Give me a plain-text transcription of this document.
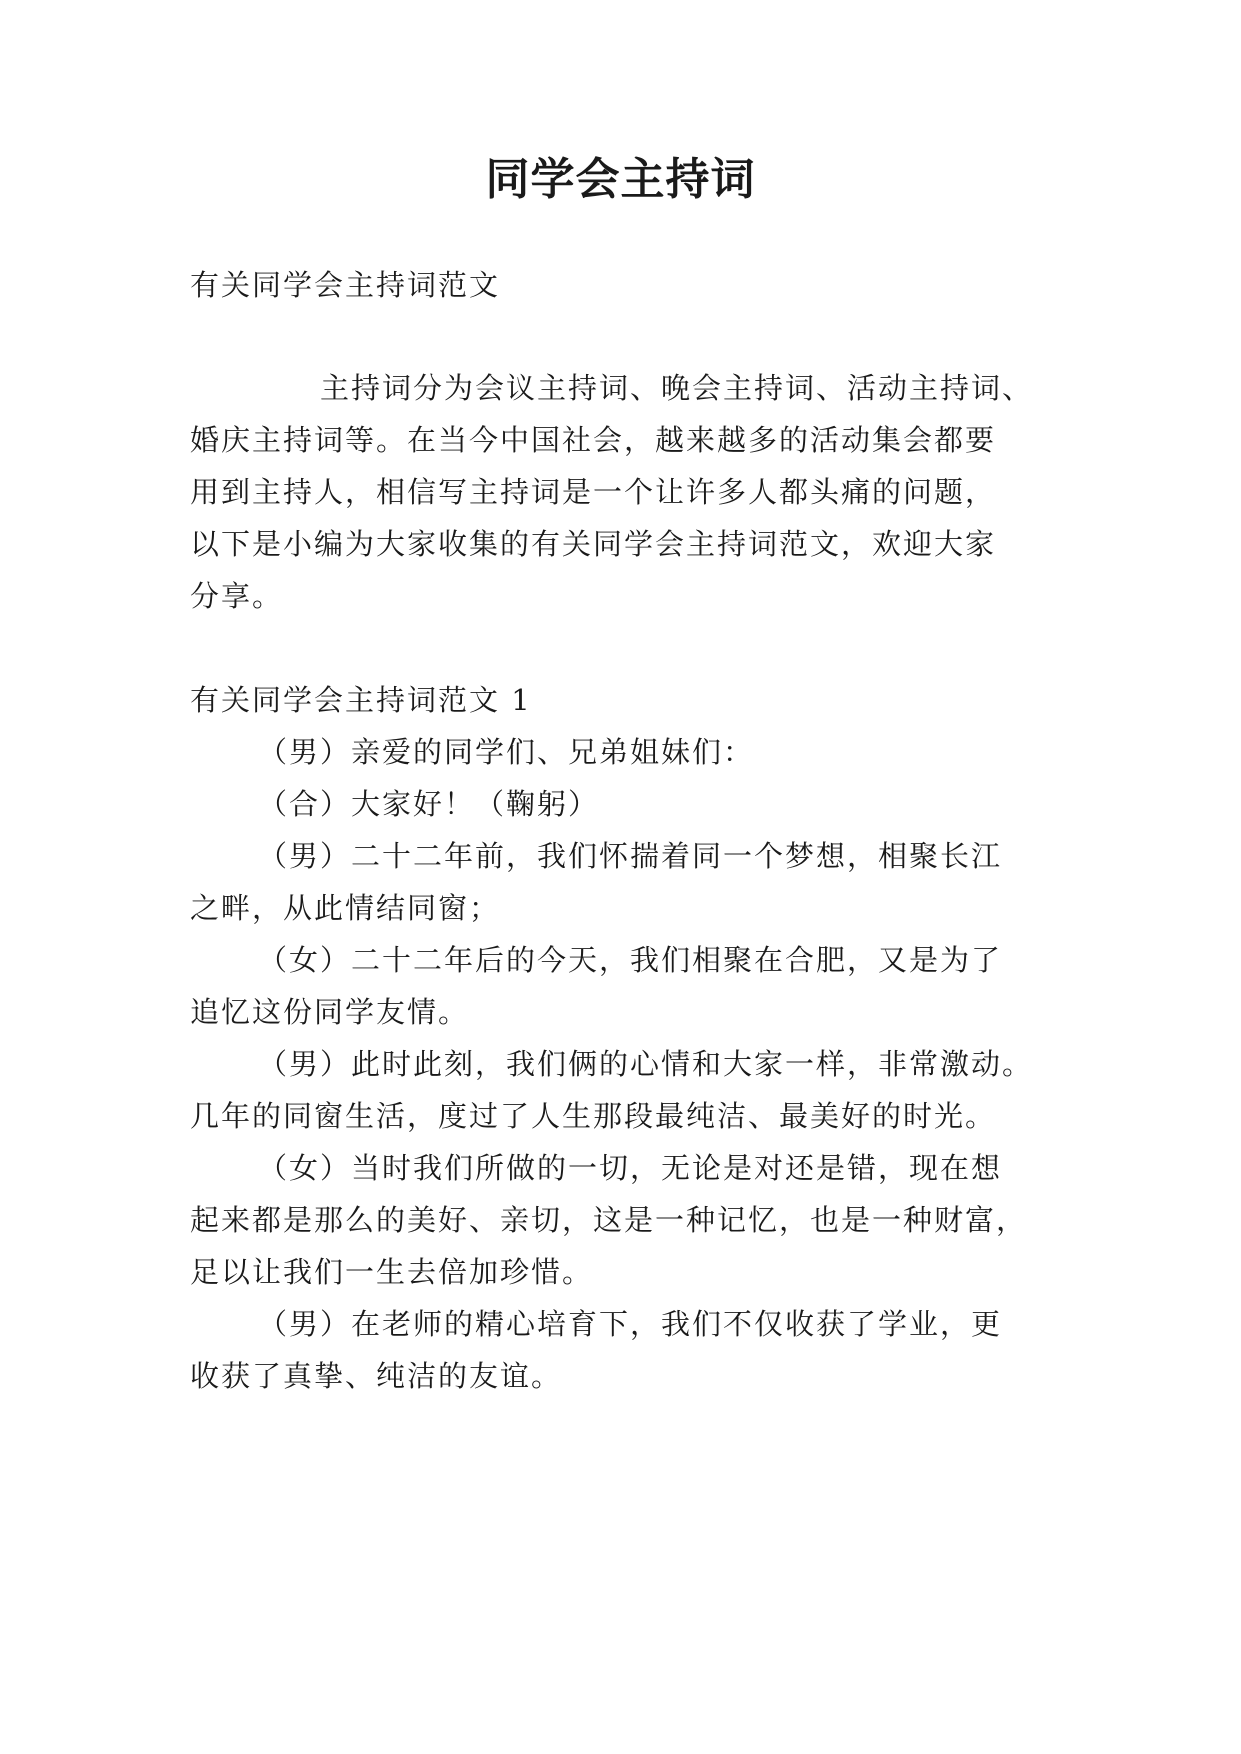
同学会主持词
有关同学会主持词范文
主持词分为会议主持词、晚会主持词、活动主持词、
婚庆主持词等。在当今中国社会，越来越多的活动集会都要
用到主持人，相信写主持词是一个让许多人都头痛的问题，
以下是小编为大家收集的有关同学会主持词范文，欢迎大家
分享。
有关同学会主持词范文 1
（男）亲爱的同学们、兄弟姐妹们：
（合）大家好！（鞠躬）
（男）二十二年前，我们怀揣着同一个梦想，相聚长江
之畔，从此情结同窗；
（女）二十二年后的今天，我们相聚在合肥，又是为了
追忆这份同学友情。
（男）此时此刻，我们俩的心情和大家一样，非常激动。
几年的同窗生活，度过了人生那段最纯洁、最美好的时光。
（女）当时我们所做的一切，无论是对还是错，现在想
起来都是那么的美好、亲切，这是一种记忆，也是一种财富，
足以让我们一生去倍加珍惜。
（男）在老师的精心培育下，我们不仅收获了学业，更
收获了真挚、纯洁的友谊。
